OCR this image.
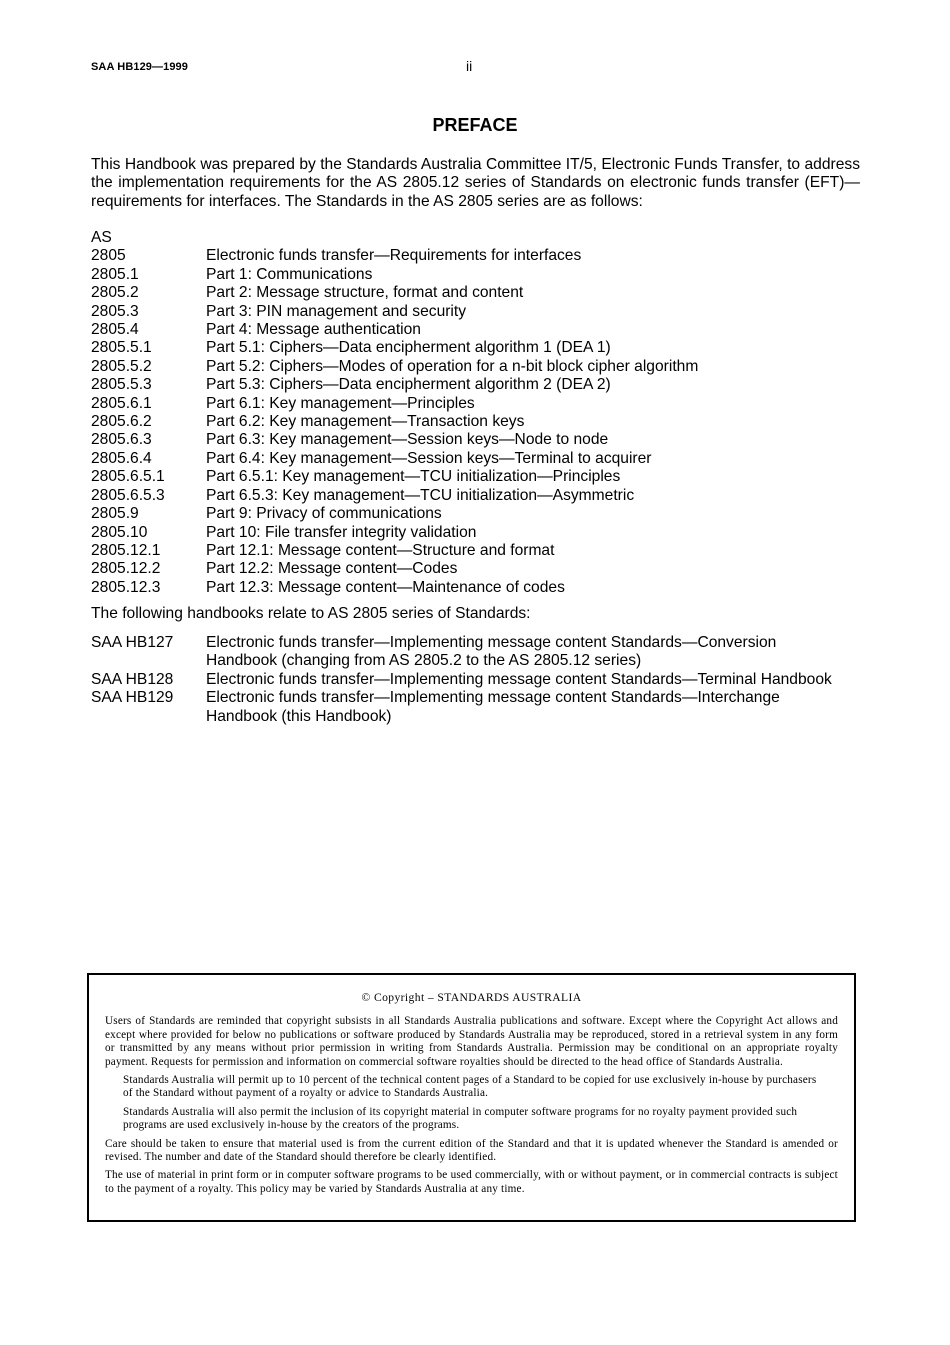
SAA HB129—1999	ii
PREFACE

This Handbook was prepared by the Standards Australia Committee IT/5, Electronic Funds Transfer, to address the implementation requirements for the AS 2805.12 series of Standards on electronic funds transfer (EFT)—requirements for interfaces. The Standards in the AS 2805 series are as follows:

AS
2805	Electronic funds transfer—Requirements for interfaces
2805.1	Part 1: Communications
2805.2	Part 2: Message structure, format and content
2805.3	Part 3: PIN management and security
2805.4	Part 4: Message authentication
2805.5.1	Part 5.1: Ciphers—Data encipherment algorithm 1 (DEA 1)
2805.5.2	Part 5.2: Ciphers—Modes of operation for a n-bit block cipher algorithm
2805.5.3	Part 5.3: Ciphers—Data encipherment algorithm 2 (DEA 2)
2805.6.1	Part 6.1: Key management—Principles
2805.6.2	Part 6.2: Key management—Transaction keys
2805.6.3	Part 6.3: Key management—Session keys—Node to node
2805.6.4	Part 6.4: Key management—Session keys—Terminal to acquirer
2805.6.5.1	Part 6.5.1: Key management—TCU initialization—Principles
2805.6.5.3	Part 6.5.3: Key management—TCU initialization—Asymmetric
2805.9	Part 9: Privacy of communications
2805.10	Part 10: File transfer integrity validation
2805.12.1	Part 12.1: Message content—Structure and format
2805.12.2	Part 12.2: Message content—Codes
2805.12.3	Part 12.3: Message content—Maintenance of codes

The following handbooks relate to AS 2805 series of Standards:

SAA HB127	Electronic funds transfer—Implementing message content Standards—Conversion Handbook (changing from AS 2805.2 to the AS 2805.12 series)
SAA HB128	Electronic funds transfer—Implementing message content Standards—Terminal Handbook
SAA HB129	Electronic funds transfer—Implementing message content Standards—Interchange Handbook (this Handbook)

© Copyright – STANDARDS AUSTRALIA

Users of Standards are reminded that copyright subsists in all Standards Australia publications and software. Except where the Copyright Act allows and except where provided for below no publications or software produced by Standards Australia may be reproduced, stored in a retrieval system in any form or transmitted by any means without prior permission in writing from Standards Australia. Permission may be conditional on an appropriate royalty payment. Requests for permission and information on commercial software royalties should be directed to the head office of Standards Australia.

Standards Australia will permit up to 10 percent of the technical content pages of a Standard to be copied for use exclusively in-house by purchasers of the Standard without payment of a royalty or advice to Standards Australia.

Standards Australia will also permit the inclusion of its copyright material in computer software programs for no royalty payment provided such programs are used exclusively in-house by the creators of the programs.

Care should be taken to ensure that material used is from the current edition of the Standard and that it is updated whenever the Standard is amended or revised. The number and date of the Standard should therefore be clearly identified.

The use of material in print form or in computer software programs to be used commercially, with or without payment, or in commercial contracts is subject to the payment of a royalty. This policy may be varied by Standards Australia at any time.
